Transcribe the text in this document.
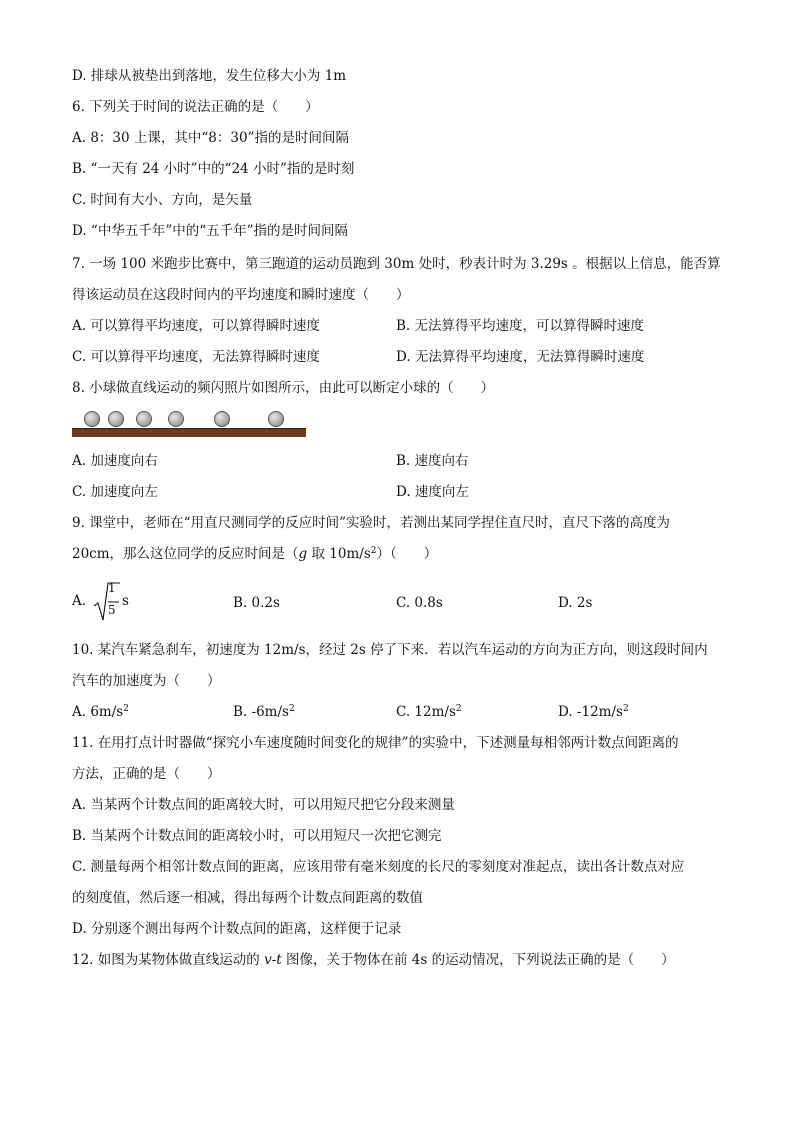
D. 排球从被垫出到落地，发生位移大小为 1m
6. 下列关于时间的说法正确的是（　　）
A. 8：30 上课，其中“8：30”指的是时间间隔
B. “一天有 24 小时”中的“24 小时”指的是时刻
C. 时间有大小、方向，是矢量
D. “中华五千年”中的“五千年”指的是时间间隔
7. 一场 100 米跑步比赛中，第三跑道的运动员跑到 30m 处时，秒表计时为 3.29s 。根据以上信息，能否算
得该运动员在这段时间内的平均速度和瞬时速度（　　）
A. 可以算得平均速度，可以算得瞬时速度	B. 无法算得平均速度，可以算得瞬时速度
C. 可以算得平均速度，无法算得瞬时速度	D. 无法算得平均速度，无法算得瞬时速度
8. 小球做直线运动的频闪照片如图所示，由此可以断定小球的（　　）
A. 加速度向右	B. 速度向右
C. 加速度向左	D. 速度向左
9. 课堂中，老师在“用直尺测同学的反应时间”实验时，若测出某同学捏住直尺时，直尺下落的高度为
20cm，那么这位同学的反应时间是（g 取 $10m/s^2$）（　　）
A.
1
5
s	B. 0.2s	C. 0.8s	D. 2s
10. 某汽车紧急刹车，初速度为 12m/s，经过 2s 停了下来．若以汽车运动的方向为正方向，则这段时间内
汽车的加速度为（　　）
A. $6m/s^2$	B. $-6m/s^2$	C. $12m/s^2$	D. $-12m/s^2$
11. 在用打点计时器做“探究小车速度随时间变化的规律”的实验中，下述测量每相邻两计数点间距离的
方法，正确的是（　　）
A. 当某两个计数点间的距离较大时，可以用短尺把它分段来测量
B. 当某两个计数点间的距离较小时，可以用短尺一次把它测完
C. 测量每两个相邻计数点间的距离，应该用带有毫米刻度的长尺的零刻度对准起点，读出各计数点对应
的刻度值，然后逐一相减，得出每两个计数点间距离的数值
D. 分别逐个测出每两个计数点间的距离，这样便于记录
12. 如图为某物体做直线运动的 v-t 图像，关于物体在前 4s 的运动情况，下列说法正确的是（　　）
